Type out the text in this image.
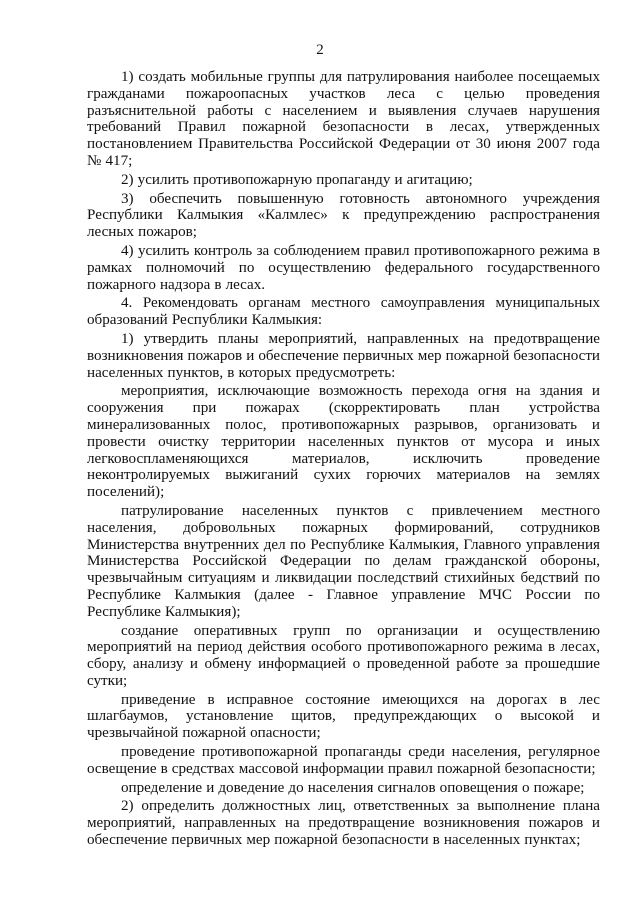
2

1) создать мобильные группы для патрулирования наиболее посещаемых гражданами пожароопасных участков леса с целью проведения разъяснительной работы с населением и выявления случаев нарушения требований Правил пожарной безопасности в лесах, утвержденных постановлением Правительства Российской Федерации от 30 июня 2007 года № 417;

2) усилить противопожарную пропаганду и агитацию;

3) обеспечить повышенную готовность автономного учреждения Республики Калмыкия «Калмлес» к предупреждению распространения лесных пожаров;

4) усилить контроль за соблюдением правил противопожарного режима в рамках полномочий по осуществлению федерального государственного пожарного надзора в лесах.

4. Рекомендовать органам местного самоуправления муниципальных образований Республики Калмыкия:

1) утвердить планы мероприятий, направленных на предотвращение возникновения пожаров и обеспечение первичных мер пожарной безопасности населенных пунктов, в которых предусмотреть:

мероприятия, исключающие возможность перехода огня на здания и сооружения при пожарах (скорректировать план устройства минерализованных полос, противопожарных разрывов, организовать и провести очистку территории населенных пунктов от мусора и иных легковоспламеняющихся материалов, исключить проведение неконтролируемых выжиганий сухих горючих материалов на землях поселений);

патрулирование населенных пунктов с привлечением местного населения, добровольных пожарных формирований, сотрудников Министерства внутренних дел по Республике Калмыкия, Главного управления Министерства Российской Федерации по делам гражданской обороны, чрезвычайным ситуациям и ликвидации последствий стихийных бедствий по Республике Калмыкия (далее - Главное управление МЧС России по Республике Калмыкия);

создание оперативных групп по организации и осуществлению мероприятий на период действия особого противопожарного режима в лесах, сбору, анализу и обмену информацией о проведенной работе за прошедшие сутки;

приведение в исправное состояние имеющихся на дорогах в лес шлагбаумов, установление щитов, предупреждающих о высокой и чрезвычайной пожарной опасности;

проведение противопожарной пропаганды среди населения, регулярное освещение в средствах массовой информации правил пожарной безопасности;

определение и доведение до населения сигналов оповещения о пожаре;

2) определить должностных лиц, ответственных за выполнение плана мероприятий, направленных на предотвращение возникновения пожаров и обеспечение первичных мер пожарной безопасности в населенных пунктах;
